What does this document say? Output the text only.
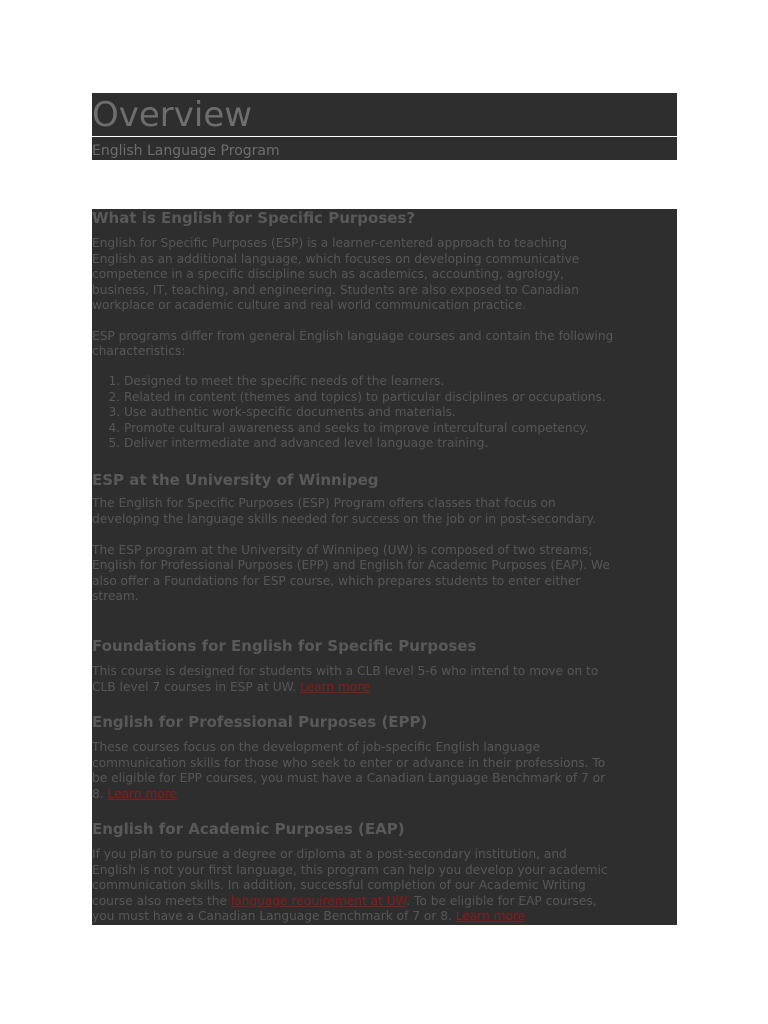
Overview
English Language Program
What is English for Specific Purposes?
English for Specific Purposes (ESP) is a learner-centered approach to teaching
English as an additional language, which focuses on developing communicative
competence in a specific discipline such as academics, accounting, agrology,
business, IT, teaching, and engineering. Students are also exposed to Canadian
workplace or academic culture and real world communication practice.
ESP programs differ from general English language courses and contain the following
characteristics:
1. Designed to meet the specific needs of the learners.
2. Related in content (themes and topics) to particular disciplines or occupations.
3. Use authentic work-specific documents and materials.
4. Promote cultural awareness and seeks to improve intercultural competency.
5. Deliver intermediate and advanced level language training.
ESP at the University of Winnipeg
The English for Specific Purposes (ESP) Program offers classes that focus on
developing the language skills needed for success on the job or in post-secondary.
The ESP program at the University of Winnipeg (UW) is composed of two streams;
English for Professional Purposes (EPP) and English for Academic Purposes (EAP). We
also offer a Foundations for ESP course, which prepares students to enter either
stream.
Foundations for English for Specific Purposes
This course is designed for students with a CLB level 5-6 who intend to move on to
CLB level 7 courses in ESP at UW. Learn more
English for Professional Purposes (EPP)
These courses focus on the development of job-specific English language
communication skills for those who seek to enter or advance in their professions. To
be eligible for EPP courses, you must have a Canadian Language Benchmark of 7 or
8. Learn more
English for Academic Purposes (EAP)
If you plan to pursue a degree or diploma at a post-secondary institution, and
English is not your first language, this program can help you develop your academic
communication skills. In addition, successful completion of our Academic Writing
course also meets the language requirement at UW. To be eligible for EAP courses,
you must have a Canadian Language Benchmark of 7 or 8. Learn more
